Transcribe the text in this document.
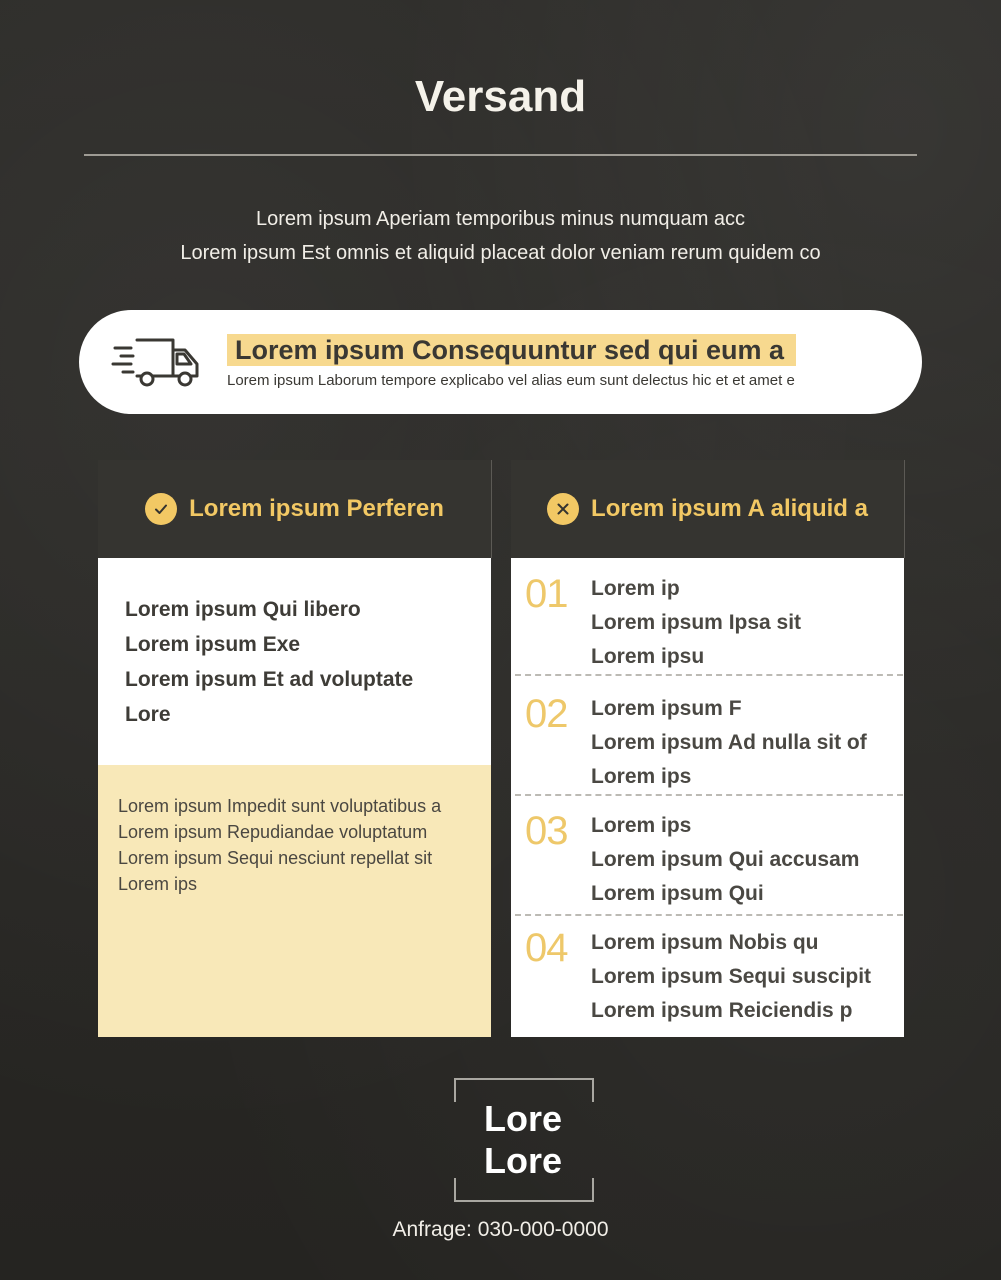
Versand
Lorem ipsum Aperiam temporibus minus numquam acc
Lorem ipsum Est omnis et aliquid placeat dolor veniam rerum quidem co
Lorem ipsum Consequuntur sed qui eum a
Lorem ipsum Laborum tempore explicabo vel alias eum sunt delectus hic et et amet e
Lorem ipsum Perferen
Lorem ipsum Qui libero
Lorem ipsum Exe
Lorem ipsum Et ad voluptate
Lore
Lorem ipsum Impedit sunt voluptatibus a
Lorem ipsum Repudiandae voluptatum
Lorem ipsum Sequi nesciunt repellat sit
Lorem ips
Lorem ipsum A aliquid a
01 Lorem ip
Lorem ipsum Ipsa sit
Lorem ipsu
02 Lorem ipsum F
Lorem ipsum Ad nulla sit of
Lorem ips
03 Lorem ips
Lorem ipsum Qui accusam
Lorem ipsum Qui
04 Lorem ipsum Nobis qu
Lorem ipsum Sequi suscipit
Lorem ipsum Reiciendis p
Lore
Lore
Anfrage: 030-000-0000
